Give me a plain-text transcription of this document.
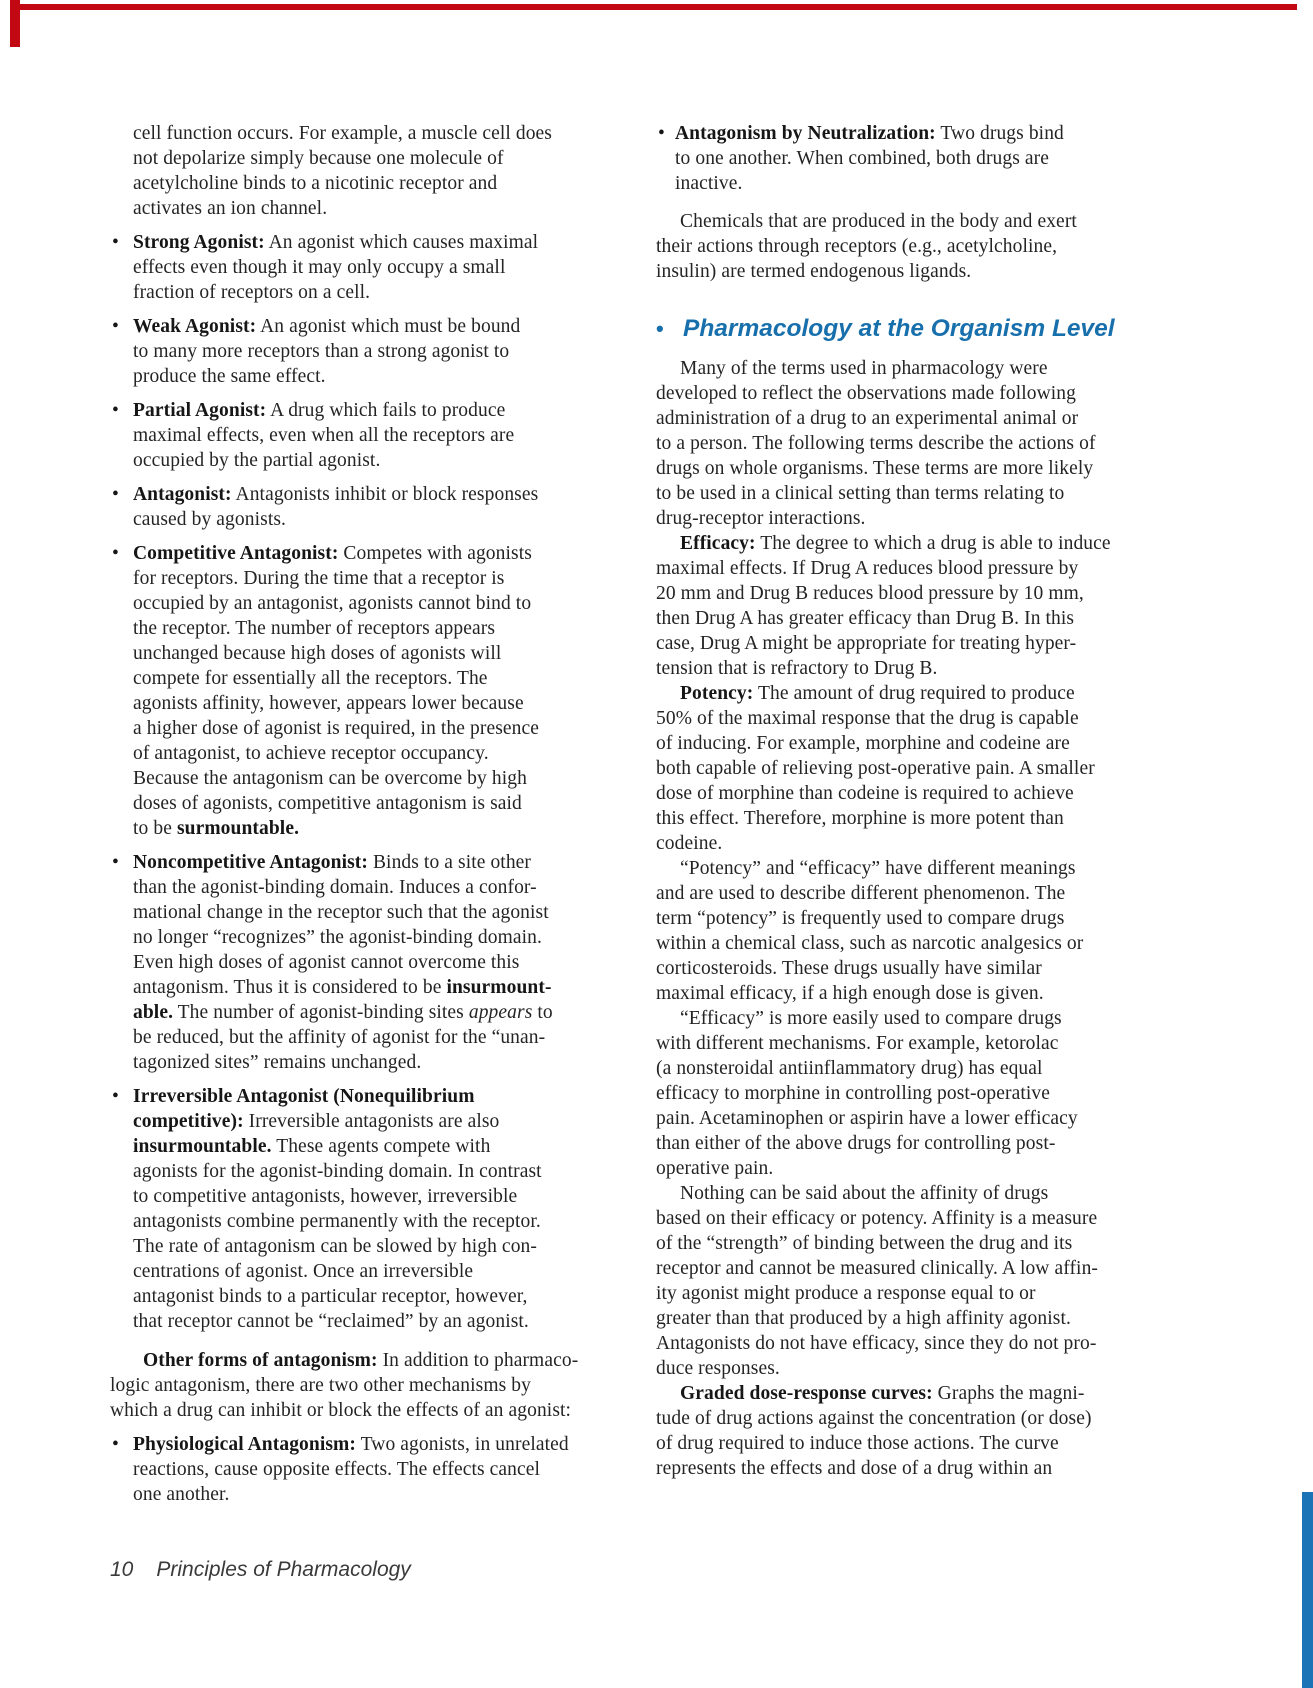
cell function occurs. For example, a muscle cell does
not depolarize simply because one molecule of
acetylcholine binds to a nicotinic receptor and
activates an ion channel.
• Strong Agonist: An agonist which causes maximal
effects even though it may only occupy a small
fraction of receptors on a cell.
• Weak Agonist: An agonist which must be bound
to many more receptors than a strong agonist to
produce the same effect.
• Partial Agonist: A drug which fails to produce
maximal effects, even when all the receptors are
occupied by the partial agonist.
• Antagonist: Antagonists inhibit or block responses
caused by agonists.
• Competitive Antagonist: Competes with agonists
for receptors. During the time that a receptor is
occupied by an antagonist, agonists cannot bind to
the receptor. The number of receptors appears
unchanged because high doses of agonists will
compete for essentially all the receptors. The
agonists affinity, however, appears lower because
a higher dose of agonist is required, in the presence
of antagonist, to achieve receptor occupancy.
Because the antagonism can be overcome by high
doses of agonists, competitive antagonism is said
to be surmountable.
• Noncompetitive Antagonist: Binds to a site other
than the agonist-binding domain. Induces a confor-
mational change in the receptor such that the agonist
no longer “recognizes” the agonist-binding domain.
Even high doses of agonist cannot overcome this
antagonism. Thus it is considered to be insurmount-
able. The number of agonist-binding sites appears to
be reduced, but the affinity of agonist for the “unan-
tagonized sites” remains unchanged.
• Irreversible Antagonist (Nonequilibrium
competitive): Irreversible antagonists are also
insurmountable. These agents compete with
agonists for the agonist-binding domain. In contrast
to competitive antagonists, however, irreversible
antagonists combine permanently with the receptor.
The rate of antagonism can be slowed by high con-
centrations of agonist. Once an irreversible
antagonist binds to a particular receptor, however,
that receptor cannot be “reclaimed” by an agonist.
Other forms of antagonism: In addition to pharmaco-
logic antagonism, there are two other mechanisms by
which a drug can inhibit or block the effects of an agonist:
• Physiological Antagonism: Two agonists, in unrelated
reactions, cause opposite effects. The effects cancel
one another.
• Antagonism by Neutralization: Two drugs bind
to one another. When combined, both drugs are
inactive.
Chemicals that are produced in the body and exert
their actions through receptors (e.g., acetylcholine,
insulin) are termed endogenous ligands.
• Pharmacology at the Organism Level
Many of the terms used in pharmacology were
developed to reflect the observations made following
administration of a drug to an experimental animal or
to a person. The following terms describe the actions of
drugs on whole organisms. These terms are more likely
to be used in a clinical setting than terms relating to
drug-receptor interactions.
Efficacy: The degree to which a drug is able to induce
maximal effects. If Drug A reduces blood pressure by
20 mm and Drug B reduces blood pressure by 10 mm,
then Drug A has greater efficacy than Drug B. In this
case, Drug A might be appropriate for treating hyper-
tension that is refractory to Drug B.
Potency: The amount of drug required to produce
50% of the maximal response that the drug is capable
of inducing. For example, morphine and codeine are
both capable of relieving post-operative pain. A smaller
dose of morphine than codeine is required to achieve
this effect. Therefore, morphine is more potent than
codeine.
“Potency” and “efficacy” have different meanings
and are used to describe different phenomenon. The
term “potency” is frequently used to compare drugs
within a chemical class, such as narcotic analgesics or
corticosteroids. These drugs usually have similar
maximal efficacy, if a high enough dose is given.
“Efficacy” is more easily used to compare drugs
with different mechanisms. For example, ketorolac
(a nonsteroidal antiinflammatory drug) has equal
efficacy to morphine in controlling post-operative
pain. Acetaminophen or aspirin have a lower efficacy
than either of the above drugs for controlling post-
operative pain.
Nothing can be said about the affinity of drugs
based on their efficacy or potency. Affinity is a measure
of the “strength” of binding between the drug and its
receptor and cannot be measured clinically. A low affin-
ity agonist might produce a response equal to or
greater than that produced by a high affinity agonist.
Antagonists do not have efficacy, since they do not pro-
duce responses.
Graded dose-response curves: Graphs the magni-
tude of drug actions against the concentration (or dose)
of drug required to induce those actions. The curve
represents the effects and dose of a drug within an
10 Principles of Pharmacology
